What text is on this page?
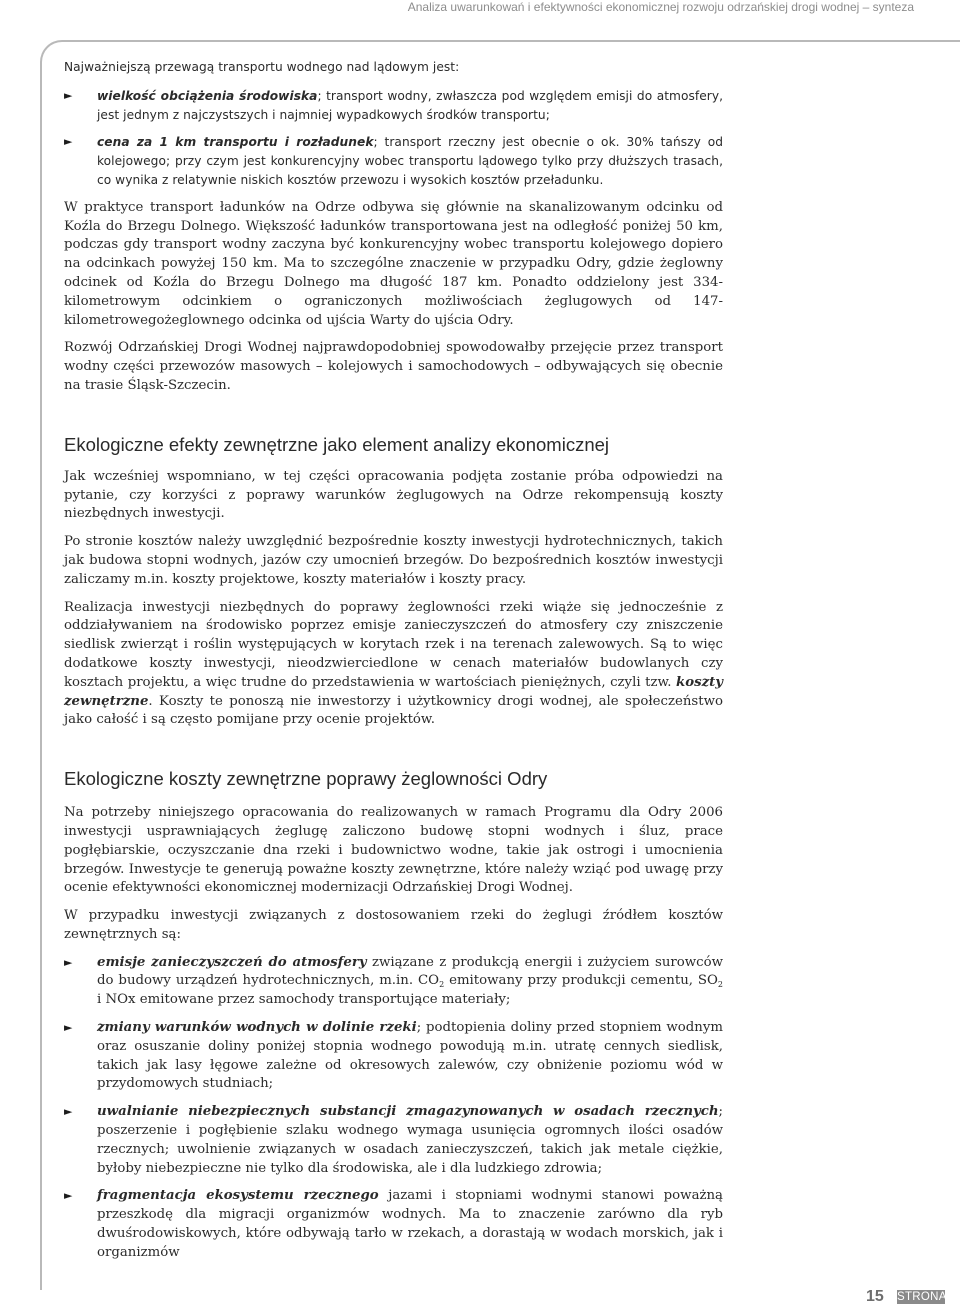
Analiza uwarunkowań i efektywności ekonomicznej rozwoju odrzańskiej drogi wodnej – synteza

Najważniejszą przewagą transportu wodnego nad lądowym jest:

►	wielkość obciążenia środowiska; transport wodny, zwłaszcza pod względem emisji do atmosfery, jest jednym z najczystszych i najmniej wypadkowych środków transportu;
►	cena za 1 km transportu i rozładunek; transport rzeczny jest obecnie o ok. 30% tańszy od kolejowego; przy czym jest konkurencyjny wobec transportu lądowego tylko przy dłuższych trasach, co wynika z relatywnie niskich kosztów przewozu i wysokich kosztów przeładunku.

W praktyce transport ładunków na Odrze odbywa się głównie na skanalizowanym odcinku od Koźla do Brzegu Dolnego. Większość ładunków transportowana jest na odległość poniżej 50 km, podczas gdy transport wodny zaczyna być konkurencyjny wobec transportu kolejowego dopiero na odcinkach powyżej 150 km. Ma to szczególne znaczenie w przypadku Odry, gdzie żeglowny odcinek od Koźla do Brzegu Dolnego ma długość 187 km. Ponadto oddzielony jest 334-kilometrowym odcinkiem o ograniczonych możliwościach żeglugowych od 147-kilometrowegożeglownego odcinka od ujścia Warty do ujścia Odry.

Rozwój Odrzańskiej Drogi Wodnej najprawdopodobniej spowodowałby przejęcie przez transport wodny części przewozów masowych – kolejowych i samochodowych – odbywających się obecnie na trasie Śląsk-Szczecin.

Ekologiczne efekty zewnętrzne jako element analizy ekonomicznej

Jak wcześniej wspomniano, w tej części opracowania podjęta zostanie próba odpowiedzi na pytanie, czy korzyści z poprawy warunków żeglugowych na Odrze rekompensują koszty niezbędnych inwestycji.

Po stronie kosztów należy uwzględnić bezpośrednie koszty inwestycji hydrotechnicznych, takich jak budowa stopni wodnych, jazów czy umocnień brzegów. Do bezpośrednich kosztów inwestycji zaliczamy m.in. koszty projektowe, koszty materiałów i koszty pracy.

Realizacja inwestycji niezbędnych do poprawy żeglowności rzeki wiąże się jednocześnie z oddziaływaniem na środowisko poprzez emisje zanieczyszczeń do atmosfery czy zniszczenie siedlisk zwierząt i roślin występujących w korytach rzek i na terenach zalewowych. Są to więc dodatkowe koszty inwestycji, nieodzwierciedlone w cenach materiałów budowlanych czy kosztach projektu, a więc trudne do przedstawienia w wartościach pieniężnych, czyli tzw. koszty zewnętrzne. Koszty te ponoszą nie inwestorzy i użytkownicy drogi wodnej, ale społeczeństwo jako całość i są często pomijane przy ocenie projektów.

Ekologiczne koszty zewnętrzne poprawy żeglowności Odry

Na potrzeby niniejszego opracowania do realizowanych w ramach Programu dla Odry 2006 inwestycji usprawniających żeglugę zaliczono budowę stopni wodnych i śluz, prace pogłębiarskie, oczyszczanie dna rzeki i budownictwo wodne, takie jak ostrogi i umocnienia brzegów. Inwestycje te generują poważne koszty zewnętrzne, które należy wziąć pod uwagę przy ocenie efektywności ekonomicznej modernizacji Odrzańskiej Drogi Wodnej.

W przypadku inwestycji związanych z dostosowaniem rzeki do żeglugi źródłem kosztów zewnętrznych są:

►	emisje zanieczyszczeń do atmosfery związane z produkcją energii i zużyciem surowców do budowy urządzeń hydrotechnicznych, m.in. $CO_2$ emitowany przy produkcji cementu, $SO_2$ i NOx emitowane przez samochody transportujące materiały;
►	zmiany warunków wodnych w dolinie rzeki; podtopienia doliny przed stopniem wodnym oraz osuszanie doliny poniżej stopnia wodnego powodują m.in. utratę cennych siedlisk, takich jak lasy łęgowe zależne od okresowych zalewów, czy obniżenie poziomu wód w przydomowych studniach;
►	uwalnianie niebezpiecznych substancji zmagazynowanych w osadach rzecznych; poszerzenie i pogłębienie szlaku wodnego wymaga usunięcia ogromnych ilości osadów rzecznych; uwolnienie związanych w osadach zanieczyszczeń, takich jak metale ciężkie, byłoby niebezpieczne nie tylko dla środowiska, ale i dla ludzkiego zdrowia;
►	fragmentacja ekosystemu rzecznego jazami i stopniami wodnymi stanowi poważną przeszkodę dla migracji organizmów wodnych. Ma to znaczenie zarówno dla ryb dwuśrodowiskowych, które odbywają tarło w rzekach, a dorastają w wodach morskich, jak i organizmów
15 STRONA
